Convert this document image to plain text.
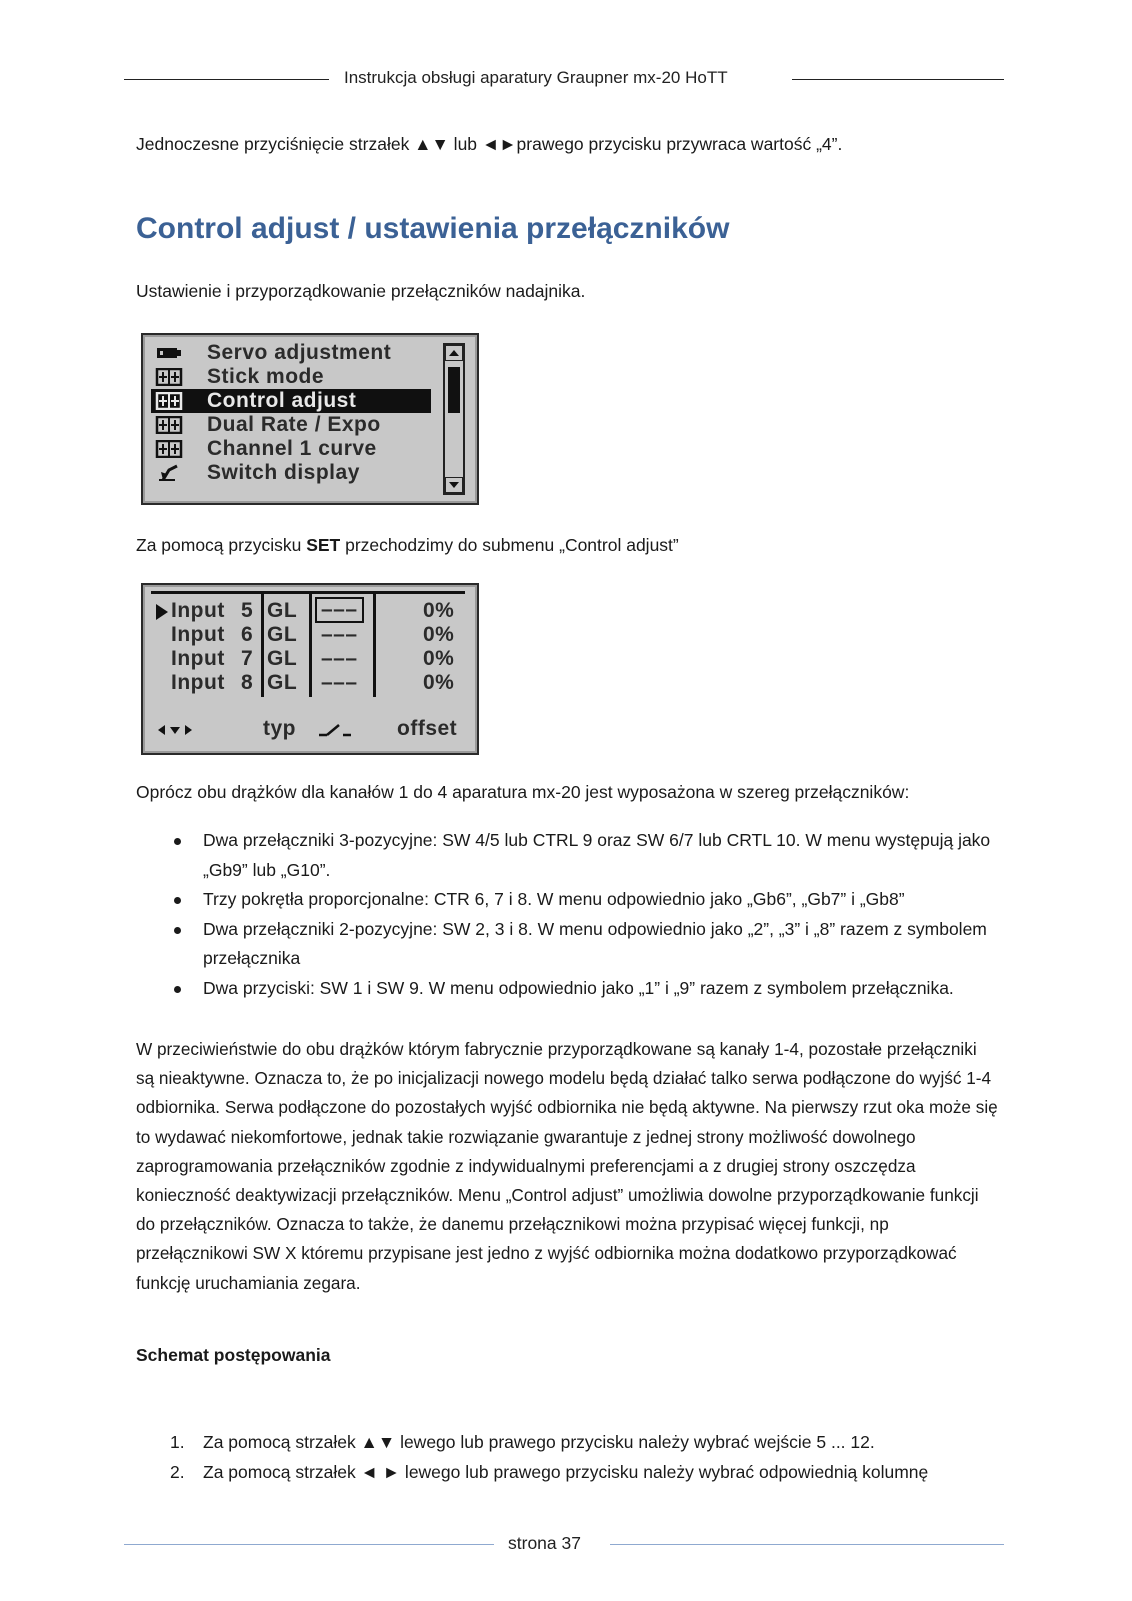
Instrukcja obsługi aparatury Graupner mx-20 HoTT
Jednoczesne przyciśnięcie strzałek ▲▼ lub ◄►prawego przycisku przywraca wartość „4”.
Control adjust / ustawienia przełączników
Ustawienie i przyporządkowanie przełączników nadajnika.
Servo adjustment
Stick mode
Control adjust
Dual Rate / Expo
Channel 1 curve
Switch display
Za pomocą przycisku SET przechodzimy do submenu „Control adjust”
Input 5 GL –––	0%
Input 6 GL –––	0%
Input 7 GL –––	0%
Input 8 GL –––	0%
typ	offset
Oprócz obu drążków dla kanałów 1 do 4 aparatura mx-20 jest wyposażona w szereg przełączników:
Dwa przełączniki 3-pozycyjne: SW 4/5 lub CTRL 9 oraz SW 6/7 lub CRTL 10. W menu występują jako „Gb9” lub „G10”.
Trzy pokrętła proporcjonalne: CTR 6, 7 i 8. W menu odpowiednio jako „Gb6”, „Gb7” i „Gb8”
Dwa przełączniki 2-pozycyjne: SW 2, 3 i 8. W menu odpowiednio jako „2”, „3” i „8” razem z symbolem przełącznika
Dwa przyciski: SW 1 i SW 9. W menu odpowiednio jako „1” i „9” razem z symbolem przełącznika.
W przeciwieństwie do obu drążków którym fabrycznie przyporządkowane są kanały 1-4, pozostałe przełączniki są nieaktywne. Oznacza to, że po inicjalizacji nowego modelu będą działać talko serwa podłączone do wyjść 1-4 odbiornika. Serwa podłączone do pozostałych wyjść odbiornika nie będą aktywne. Na pierwszy rzut oka może się to wydawać niekomfortowe, jednak takie rozwiązanie gwarantuje z jednej strony możliwość dowolnego zaprogramowania przełączników zgodnie z indywidualnymi preferencjami a z drugiej strony oszczędza konieczność deaktywizacji przełączników. Menu „Control adjust” umożliwia dowolne przyporządkowanie funkcji do przełączników. Oznacza to także, że danemu przełącznikowi można przypisać więcej funkcji, np przełącznikowi SW X któremu przypisane jest jedno z wyjść odbiornika można dodatkowo przyporządkować funkcję uruchamiania zegara.
Schemat postępowania
1. Za pomocą strzałek ▲▼ lewego lub prawego przycisku należy wybrać wejście 5 ... 12.
2. Za pomocą strzałek ◄ ► lewego lub prawego przycisku należy wybrać odpowiednią kolumnę
strona 37
